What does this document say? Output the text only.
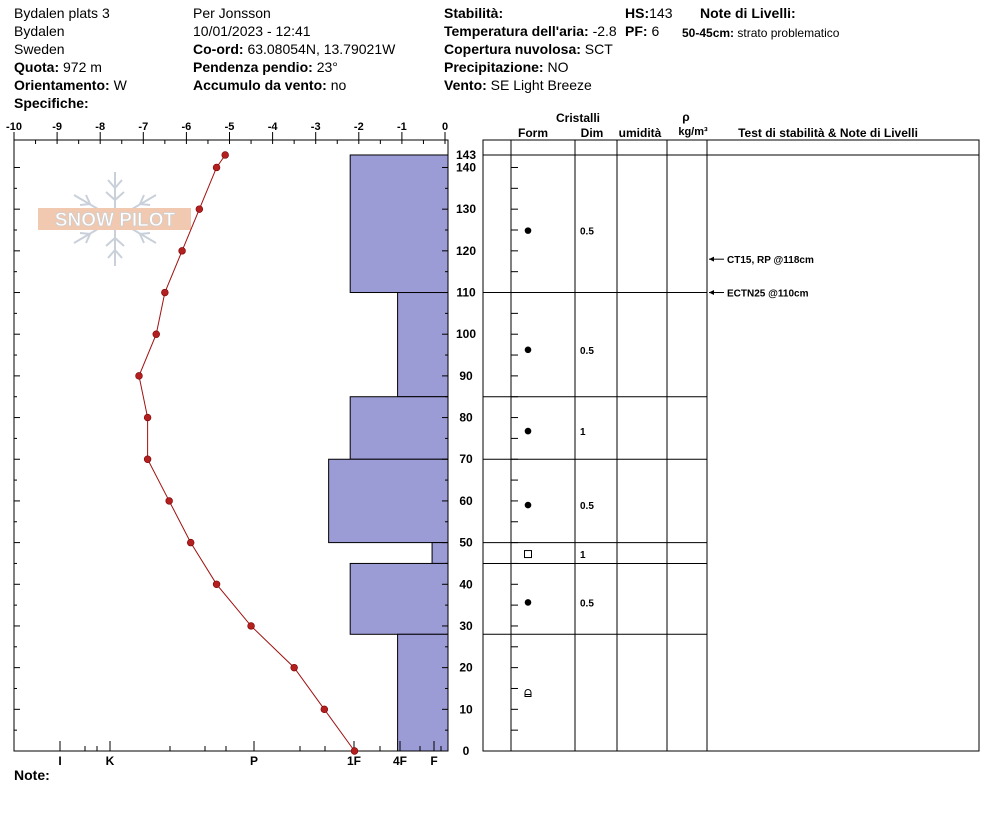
Bydalen plats 3
Bydalen
Sweden
Quota: 972 m
Orientamento: W
Specifiche:
Per Jonsson
10/01/2023 - 12:41
Co-ord: 63.08054N, 13.79021W
Pendenza pendio: 23°
Accumulo da vento: no
Stabilità:
Temperatura dell'aria: -2.8
Copertura nuvolosa: SCT
Precipitazione: NO
Vento: SE Light Breeze
HS:143
PF: 6
Note di Livelli:
50-45cm: strato problematico
Note:
SNOW PILOT
-10	-9	-8	-7	-6	-5	-4	-3	-2	-1	0
0
10
20
30
40
50
60
70
80
90
100
110
120
130
140
143
I	K	P	1F	4F F
0.5
0.5
1
0.5
1
0.5
CT15, RP @118cm
ECTN25 @110cm
Cristalli
Form	Dim umidità
ρ
kg/m³	Test di stabilità & Note di Livelli
